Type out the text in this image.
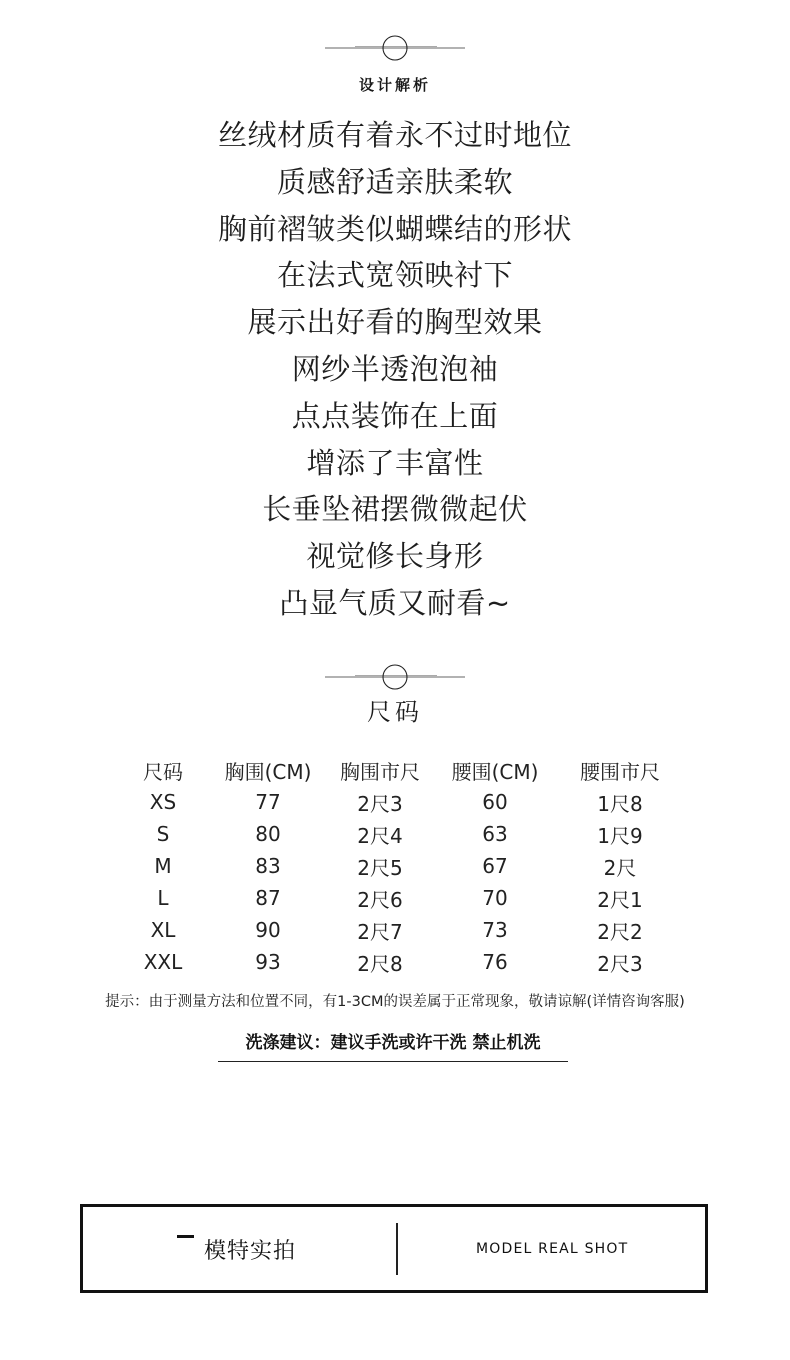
设计解析
丝绒材质有着永不过时地位
质感舒适亲肤柔软
胸前褶皱类似蝴蝶结的形状
在法式宽领映衬下
展示出好看的胸型效果
网纱半透泡泡袖
点点装饰在上面
增添了丰富性
长垂坠裙摆微微起伏
视觉修长身形
凸显气质又耐看~
尺码
尺码	胸围(CM)	胸围市尺	腰围(CM)	腰围市尺
XS	77	2尺3	60	1尺8
S	80	2尺4	63	1尺9
M	83	2尺5	67	2尺
L	87	2尺6	70	2尺1
XL	90	2尺7	73	2尺2
XXL	93	2尺8	76	2尺3
提示：由于测量方法和位置不同，有1-3CM的误差属于正常现象，敬请谅解(详情咨询客服)
洗涤建议：建议手洗或许干洗 禁止机洗
模特实拍	MODEL REAL SHOT
